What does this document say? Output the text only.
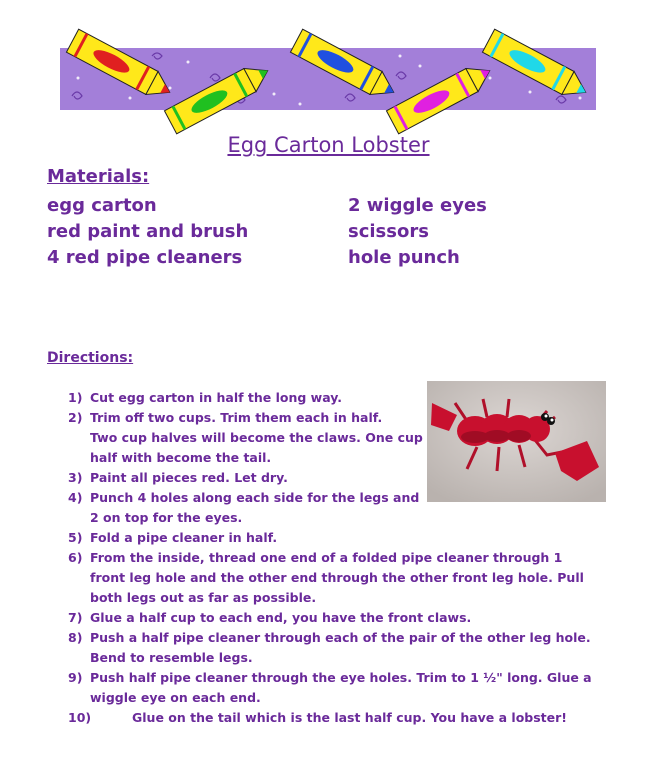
Egg Carton Lobster
Materials:
egg carton
red paint and brush
4 red pipe cleaners
2 wiggle eyes
scissors
hole punch
Directions:
1) Cut egg carton in half the long way.
2) Trim off two cups. Trim them each in half.
Two cup halves will become the claws. One cup
half with become the tail.
3) Paint all pieces red. Let dry.
4) Punch 4 holes along each side for the legs and
2 on top for the eyes.
5) Fold a pipe cleaner in half.
6) From the inside, thread one end of a folded pipe cleaner through 1
front leg hole and the other end through the other front leg hole. Pull
both legs out as far as possible.
7) Glue a half cup to each end, you have the front claws.
8) Push a half pipe cleaner through each of the pair of the other leg hole.
Bend to resemble legs.
9) Push half pipe cleaner through the eye holes. Trim to 1 ½" long. Glue a
wiggle eye on each end.
10)	Glue on the tail which is the last half cup. You have a lobster!
